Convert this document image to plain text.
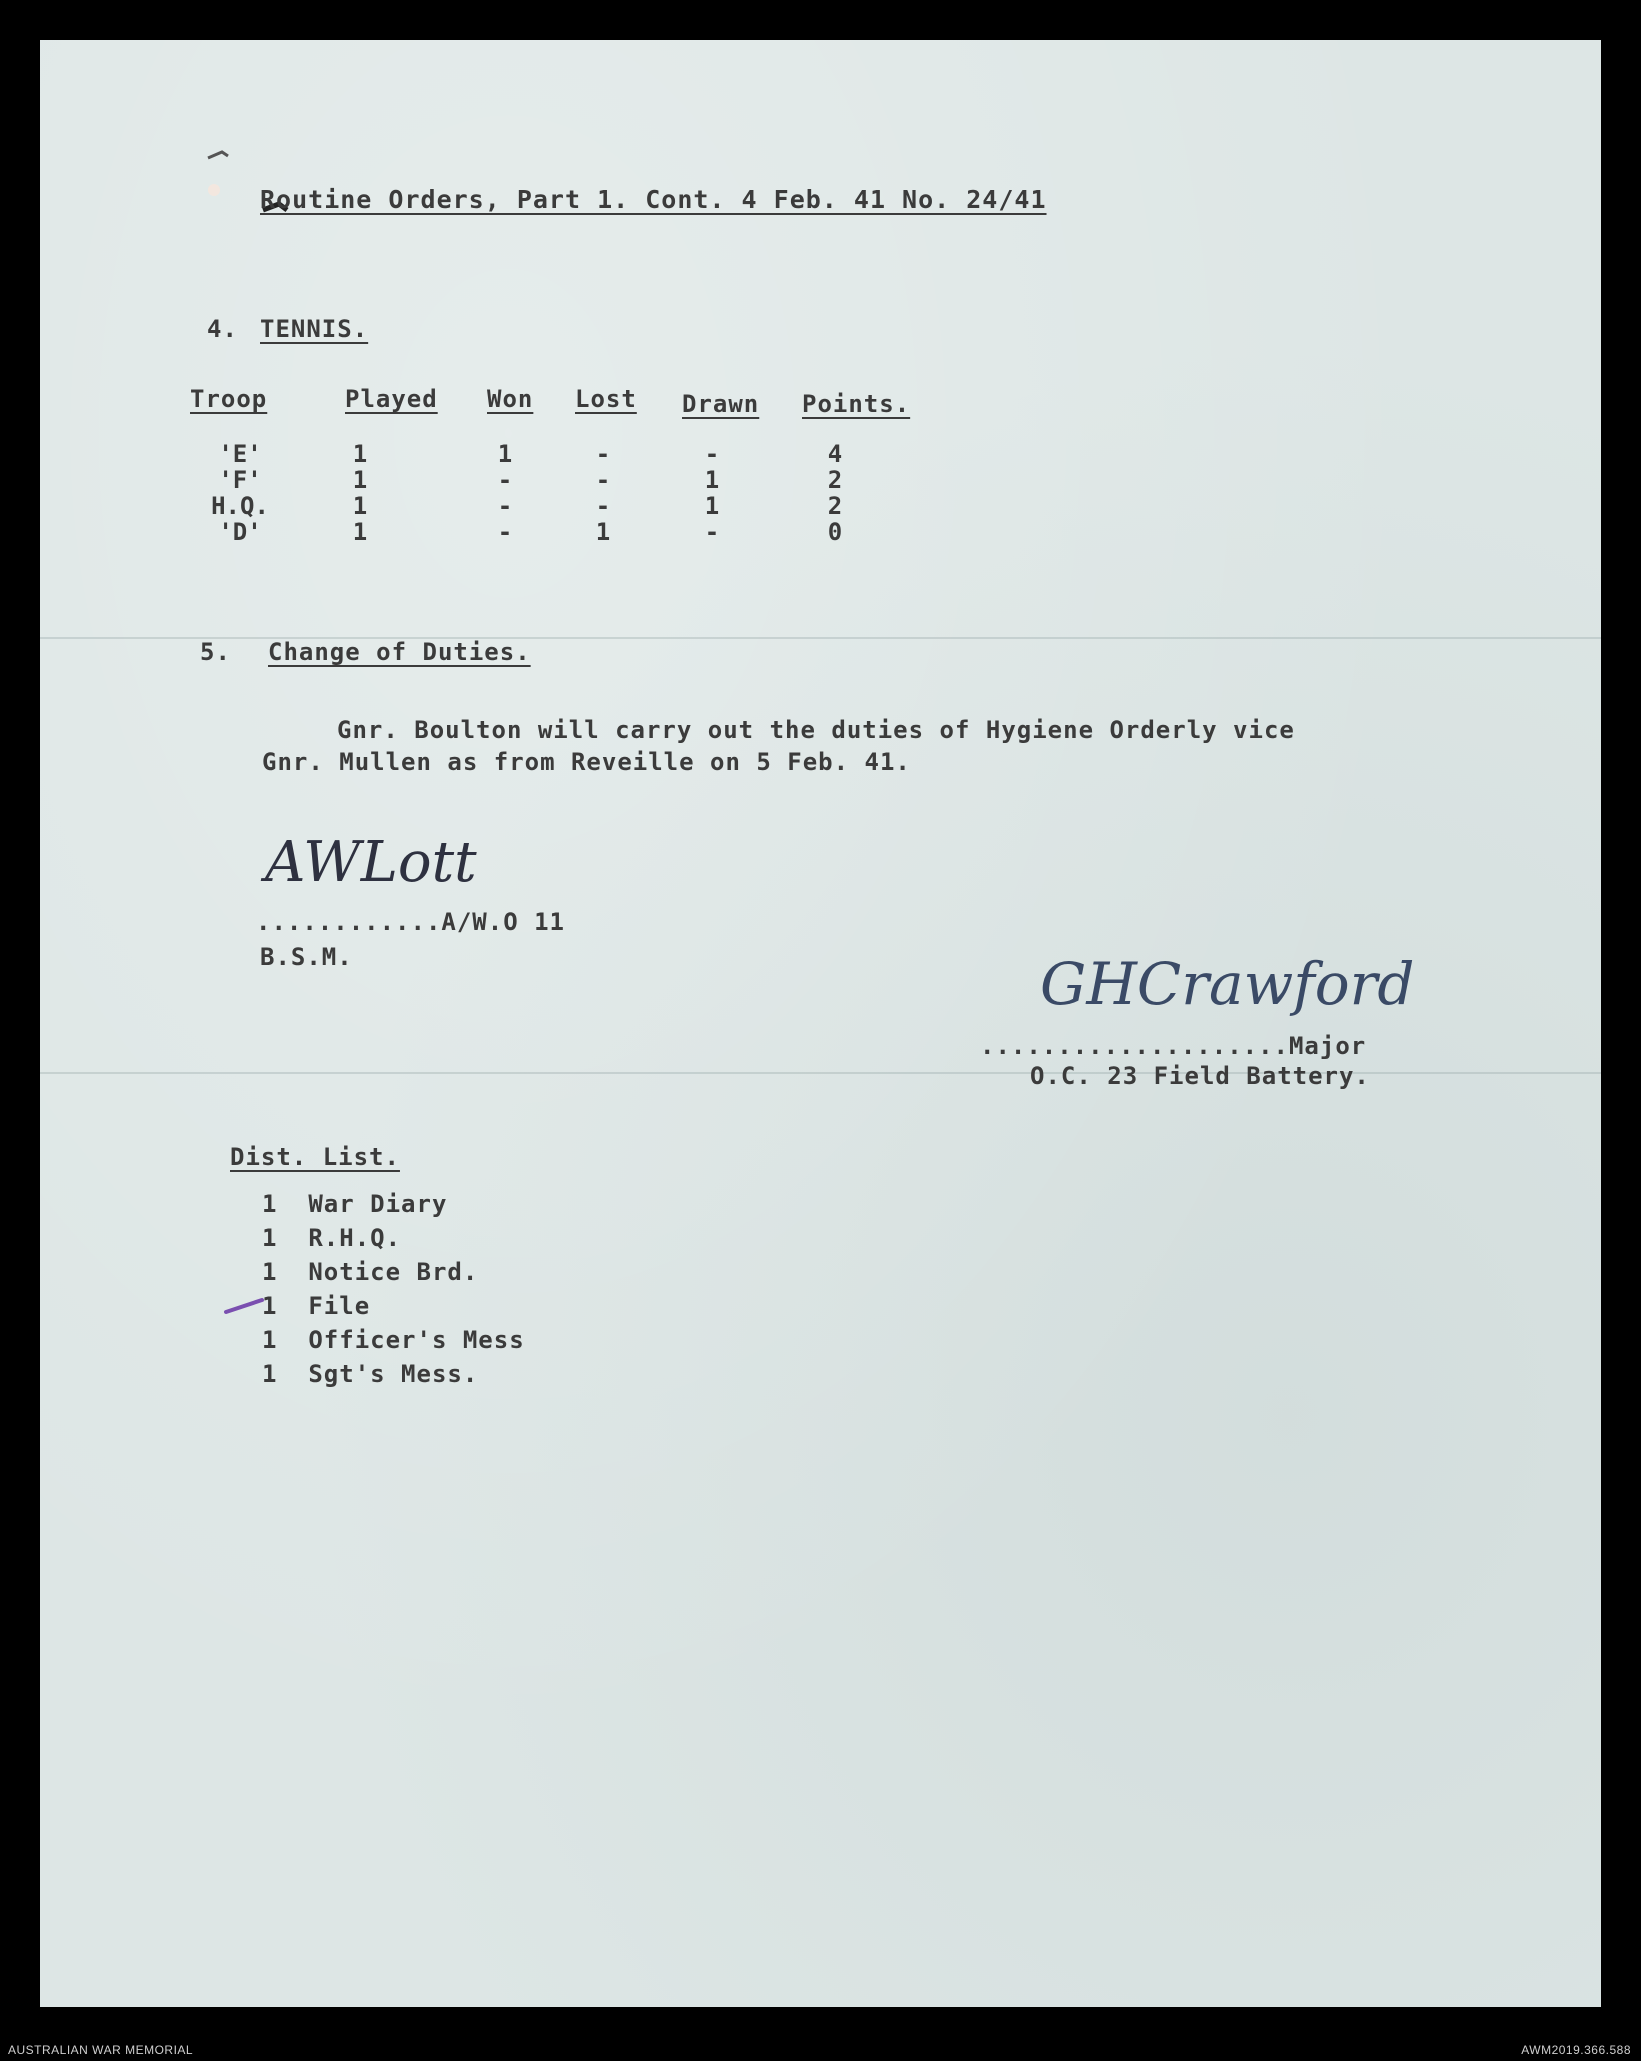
Routine Orders, Part 1. Cont. 4 Feb. 41 No. 24/41
4. TENNIS.
Troop	Played Won Lost Drawn Points.
'E'	1	1	-	-	4
'F'	1	-	-	1	2
H.Q.	1	-	-	1	2
'D'	1	-	1	-	0
5. Change of Duties.
Gnr. Boulton will carry out the duties of Hygiene Orderly vice
Gnr. Mullen as from Reveille on 5 Feb. 41.
AWLott
............A/W.O 11
B.S.M.	GHCrawford
....................Major
O.C. 23 Field Battery.
Dist. List.
1 War Diary
1 R.H.Q.
1 Notice Brd.
1 File
1 Officer's Mess
1 Sgt's Mess.
AUSTRALIAN WAR MEMORIAL	AWM2019.366.588
